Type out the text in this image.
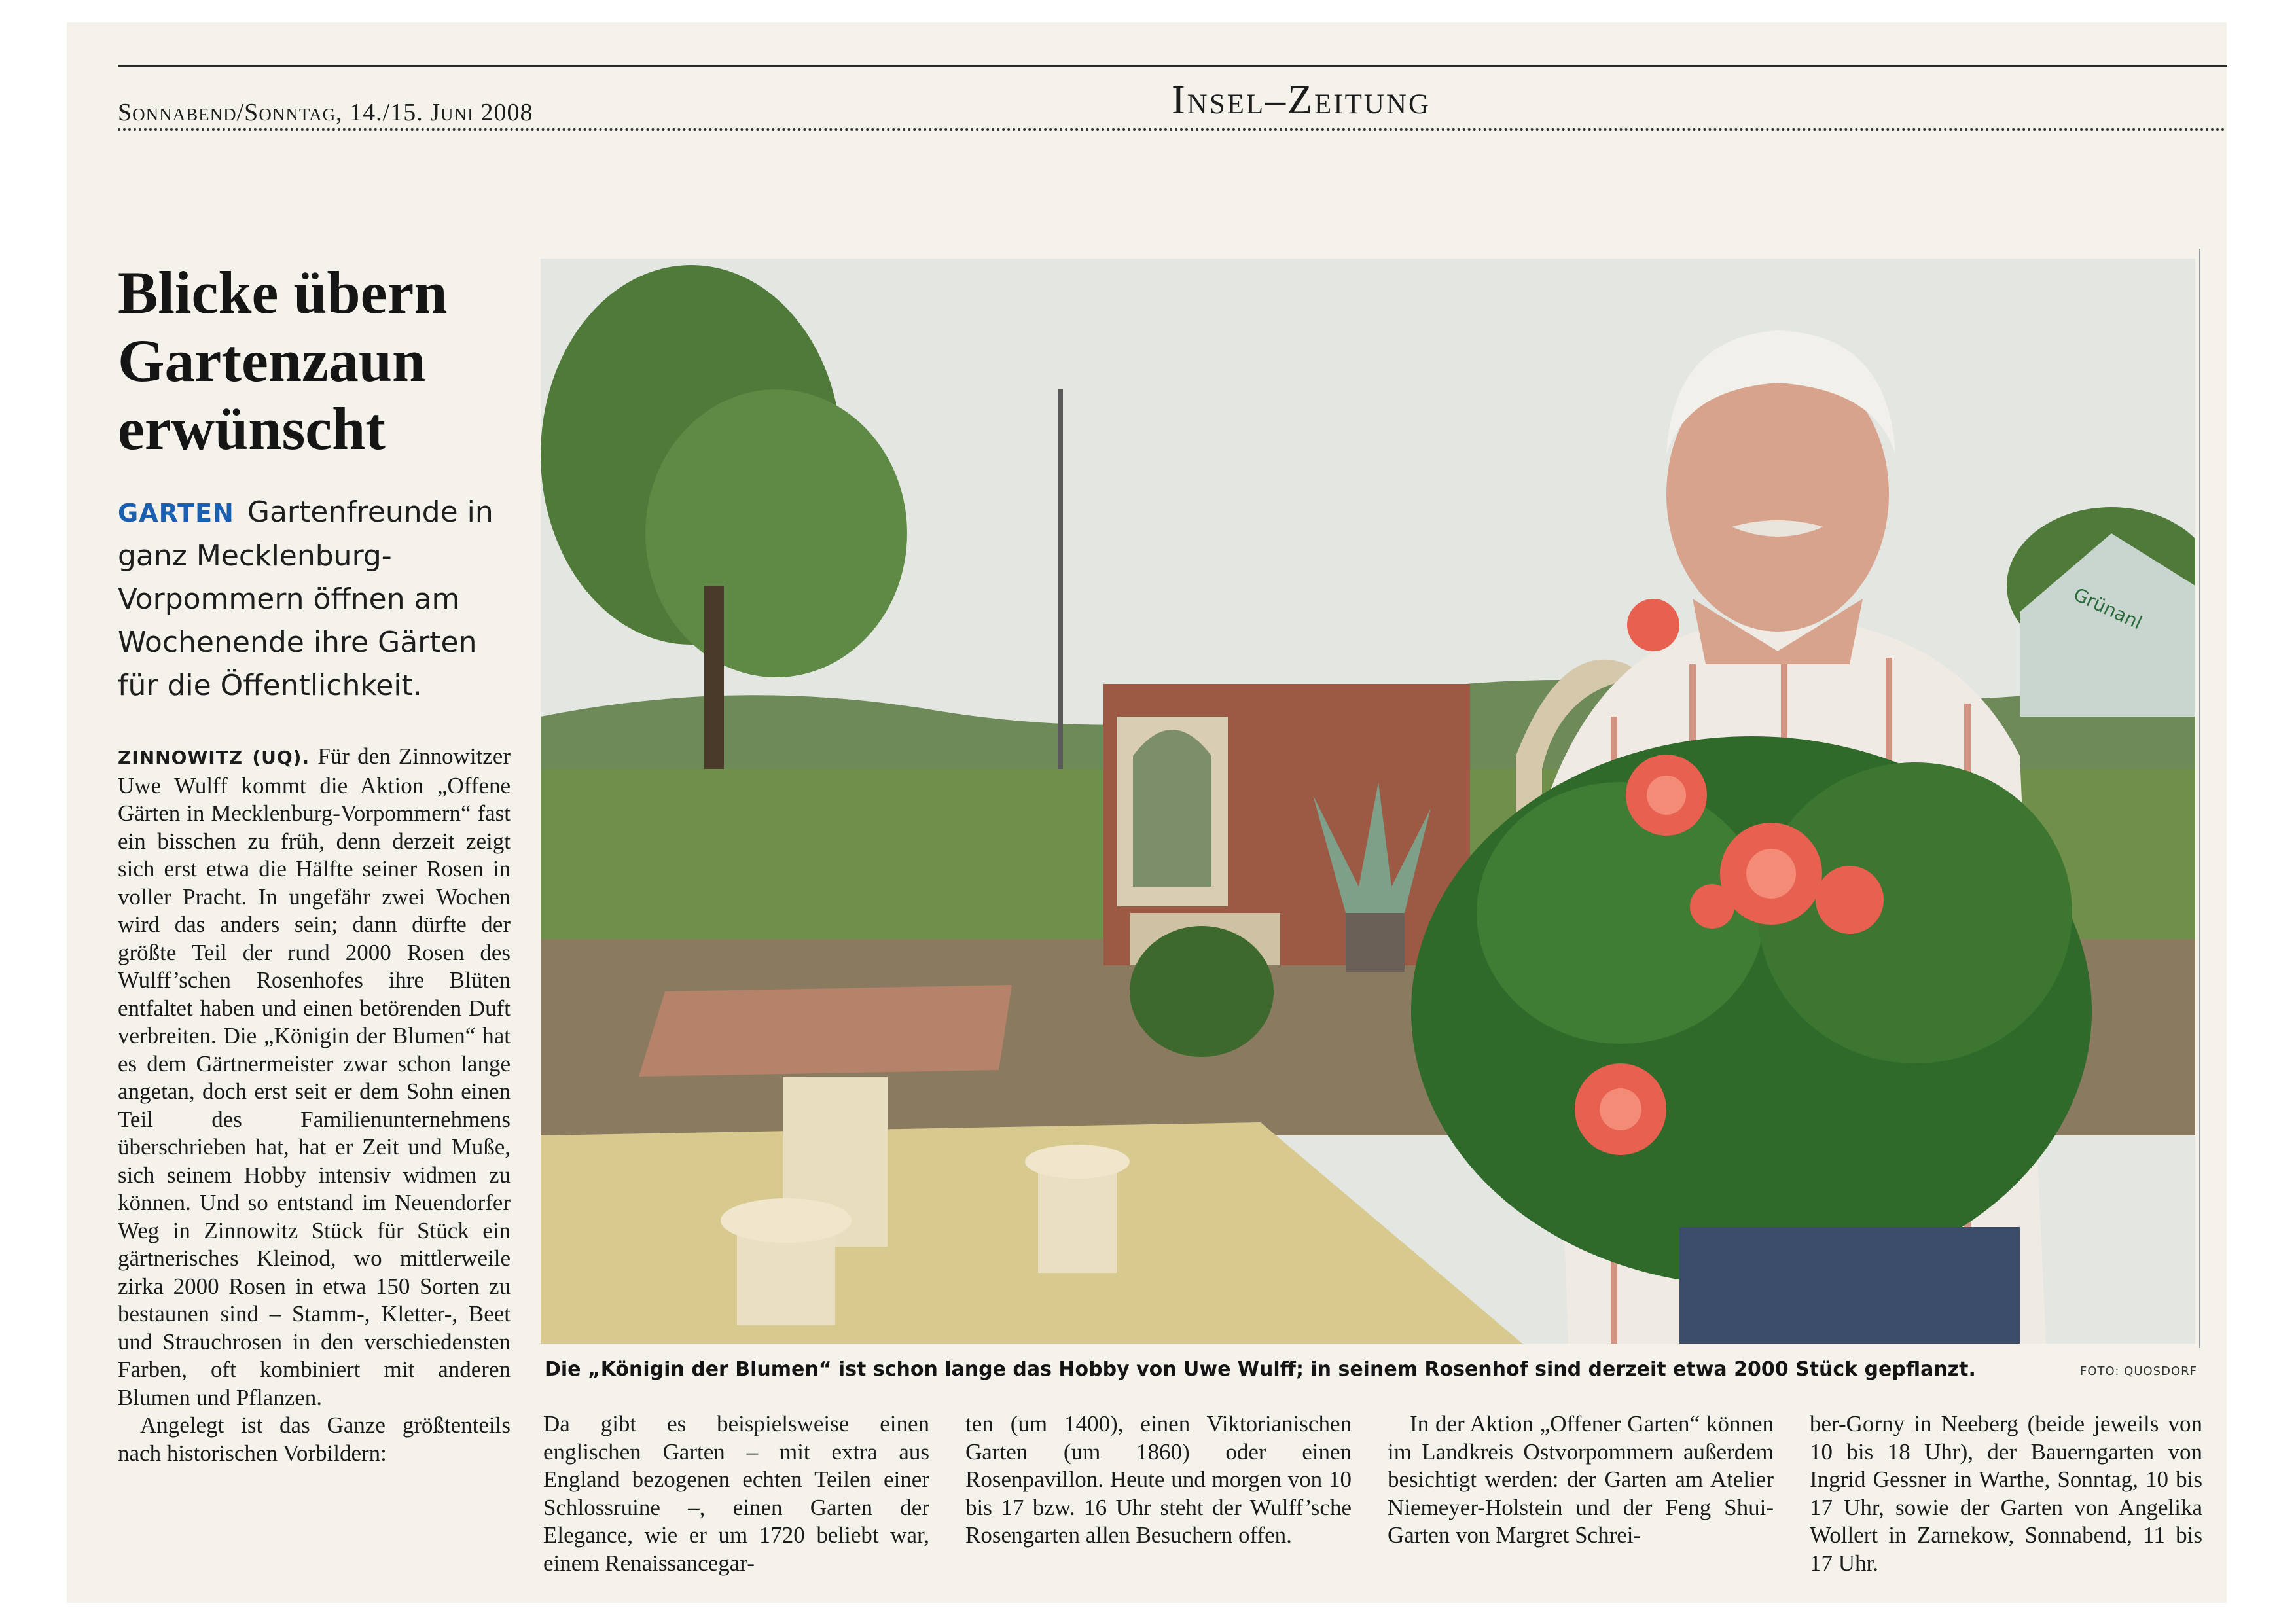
Sonnabend/Sonntag, 14./15. Juni 2008	Insel–Zeitung
Blicke übern Gartenzaun erwünscht
GARTEN Gartenfreunde in ganz Mecklenburg-Vorpommern öffnen am Wochenende ihre Gärten für die Öffentlichkeit.

ZINNOWITZ (UQ). Für den Zinnowitzer Uwe Wulff kommt die Aktion „Offene Gärten in Mecklenburg-Vorpommern“ fast ein bisschen zu früh, denn derzeit zeigt sich erst etwa die Hälfte seiner Rosen in voller Pracht. In ungefähr zwei Wochen wird das anders sein; dann dürfte der größte Teil der rund 2000 Rosen des Wulff’schen Rosenhofes ihre Blüten entfaltet haben und einen betörenden Duft verbreiten. Die „Königin der Blumen“ hat es dem Gärtnermeister zwar schon lange angetan, doch erst seit er dem Sohn einen Teil des Familienunternehmens überschrieben hat, hat er Zeit und Muße, sich seinem Hobby intensiv widmen zu können. Und so entstand im Neuendorfer Weg in Zinnowitz Stück für Stück ein gärtnerisches Kleinod, wo mittlerweile zirka 2000 Rosen in etwa 150 Sorten zu bestaunen sind – Stamm-, Kletter-, Beet und Strauchrosen in den verschiedensten Farben, oft kombiniert mit anderen Blumen und Pflanzen.

Angelegt ist das Ganze größtenteils nach historischen Vorbildern:

Grünanl
Die „Königin der Blumen“ ist schon lange das Hobby von Uwe Wulff; in seinem Rosenhof sind derzeit etwa 2000 Stück gepflanzt.	FOTO: QUOSDORF

Da gibt es beispielsweise einen englischen Garten – mit extra aus England bezogenen echten Teilen einer Schlossruine –, einen Garten der Elegance, wie er um 1720 beliebt war, einem Renaissancegar-

ten (um 1400), einen Viktorianischen Garten (um 1860) oder einen Rosenpavillon. Heute und morgen von 10 bis 17 bzw. 16 Uhr steht der Wulff’sche Rosengarten allen Besuchern offen.

In der Aktion „Offener Garten“ können im Landkreis Ostvorpommern außerdem besichtigt werden: der Garten am Atelier Niemeyer-Holstein und der Feng Shui-Garten von Margret Schrei-

ber-Gorny in Neeberg (beide jeweils von 10 bis 18 Uhr), der Bauerngarten von Ingrid Gessner in Warthe, Sonntag, 10 bis 17 Uhr, sowie der Garten von Angelika Wollert in Zarnekow, Sonnabend, 11 bis 17 Uhr.
